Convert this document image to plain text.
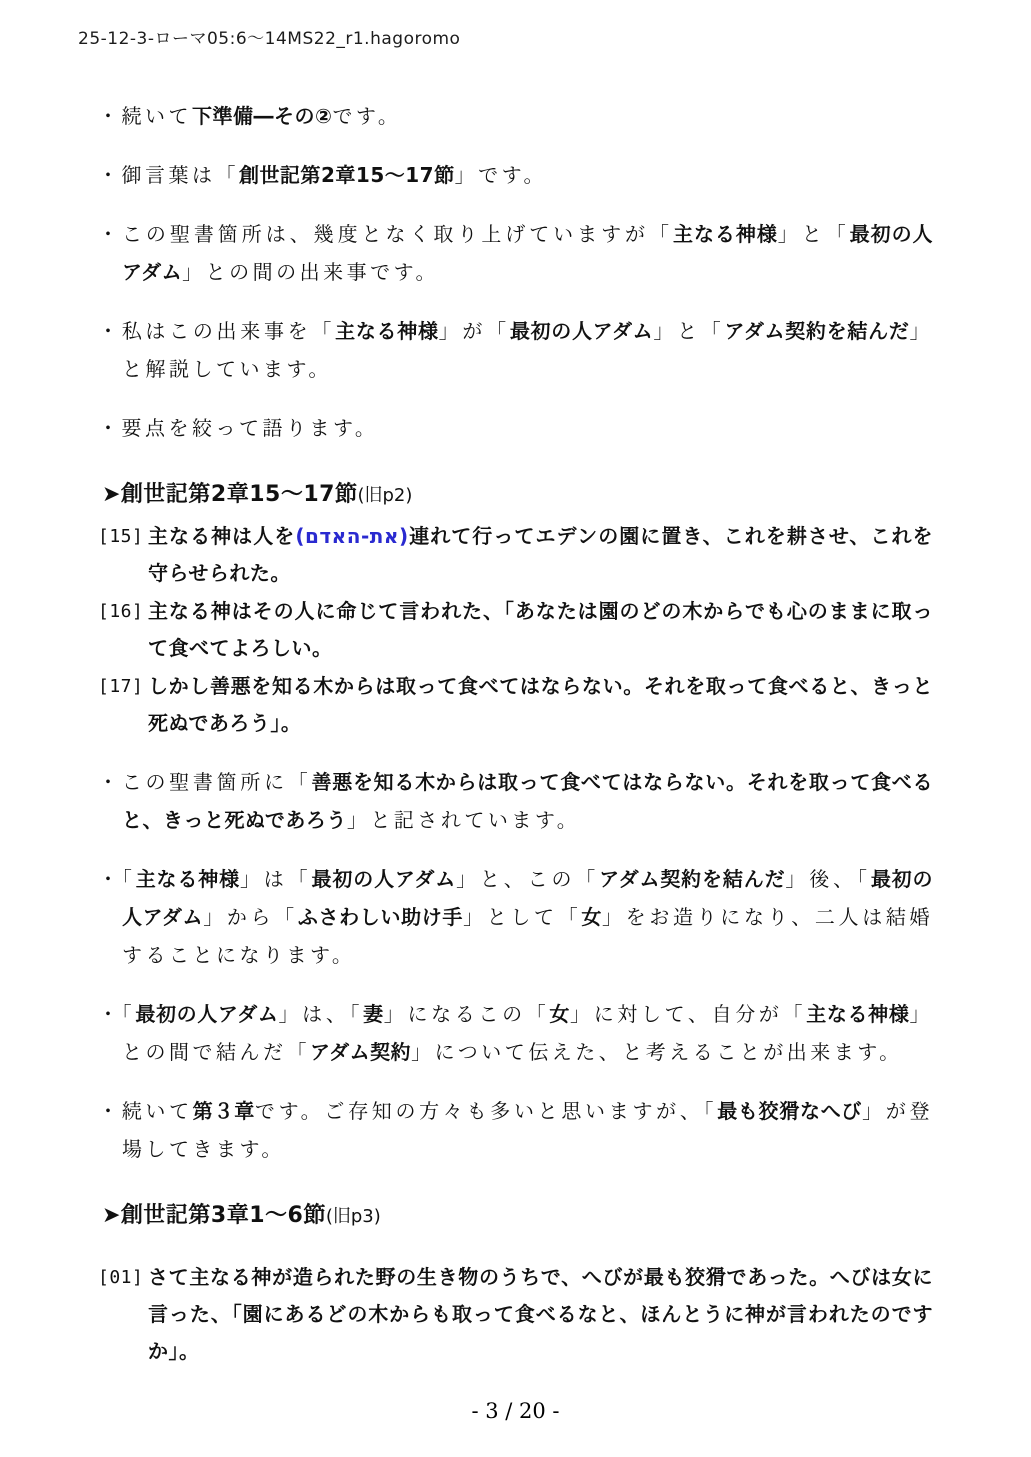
25-12-3-ローマ05:6〜14MS22_r1.hagoromo

・続いて下準備―その②です。

・御言葉は「創世記第2章15〜17節」です。

・この聖書箇所は、幾度となく取り上げていますが「主なる神様」と「最初の人アダム」との間の出来事です。

・私はこの出来事を「主なる神様」が「最初の人アダム」と「アダム契約を結んだ」と解説しています。

・要点を絞って語ります。

➤創世記第2章15〜17節(旧p2)

[15] 主なる神は人を(את-האדם)連れて行ってエデンの園に置き、これを耕させ、これを守らせられた。

[16] 主なる神はその人に命じて言われた、「あなたは園のどの木からでも心のままに取って食べてよろしい。

[17] しかし善悪を知る木からは取って食べてはならない。それを取って食べると、きっと死ぬであろう」。

・この聖書箇所に「善悪を知る木からは取って食べてはならない。それを取って食べると、きっと死ぬであろう」と記されています。

・「主なる神様」は「最初の人アダム」と、この「アダム契約を結んだ」後、「最初の人アダム」から「ふさわしい助け手」として「女」をお造りになり、二人は結婚することになります。

・「最初の人アダム」は、「妻」になるこの「女」に対して、自分が「主なる神様」との間で結んだ「アダム契約」について伝えた、と考えることが出来ます。

・続いて第３章です。ご存知の方々も多いと思いますが、「最も狡猾なへび」が登場してきます。

➤創世記第3章1〜6節(旧p3)

[01] さて主なる神が造られた野の生き物のうちで、へびが最も狡猾であった。へびは女に言った、「園にあるどの木からも取って食べるなと、ほんとうに神が言われたのですか」。

- 3 / 20 -
